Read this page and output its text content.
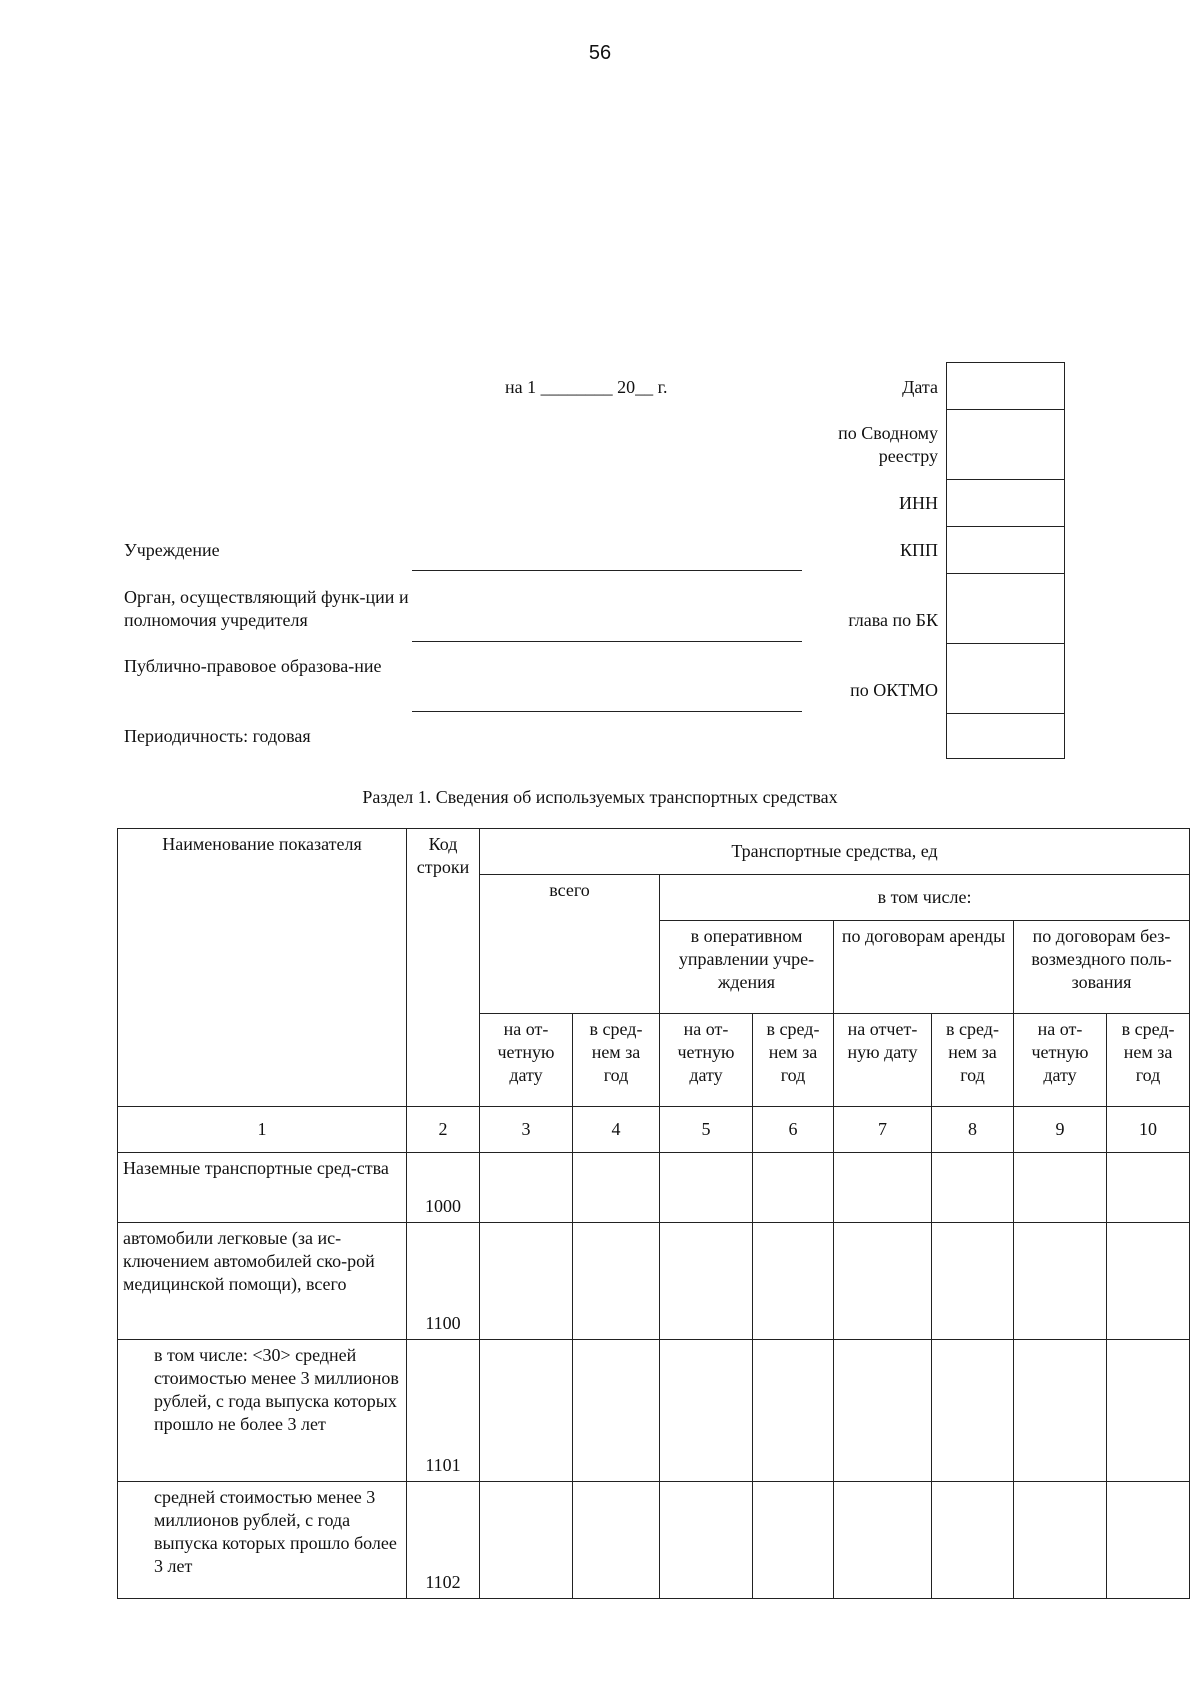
56
на 1 ________ 20__ г.	Дата
по Сводному реестру
ИНН
КПП
глава по БК
по ОКТМО
Учреждение
Орган, осуществляющий функ-ции и полномочия учредителя
Публично-правовое образова-ние
Периодичность: годовая
Раздел 1. Сведения об используемых транспортных средствах
Наименование показателя	Код строки	Транспортные средства, ед							
		всего		в том числе:					
				в оперативном управлении учре-ждения		по договорам аренды		по договорам без-возмездного поль-зования	
		на от-четную дату	в сред-нем за год	на от-четную дату	в сред-нем за год	на отчет-ную дату	в сред-нем за год	на от-четную дату	в сред-нем за год
1	2	3	4	5	6	7	8	9	10
Наземные транспортные сред-ства	1000								
автомобили легковые (за ис-ключением автомобилей ско-рой медицинской помощи), всего	1100								
в том числе: <30> средней стоимостью менее 3 миллионов рублей, с года выпуска которых прошло не более 3 лет	1101								
средней стоимостью менее 3 миллионов рублей, с года выпуска которых прошло более 3 лет	1102								
